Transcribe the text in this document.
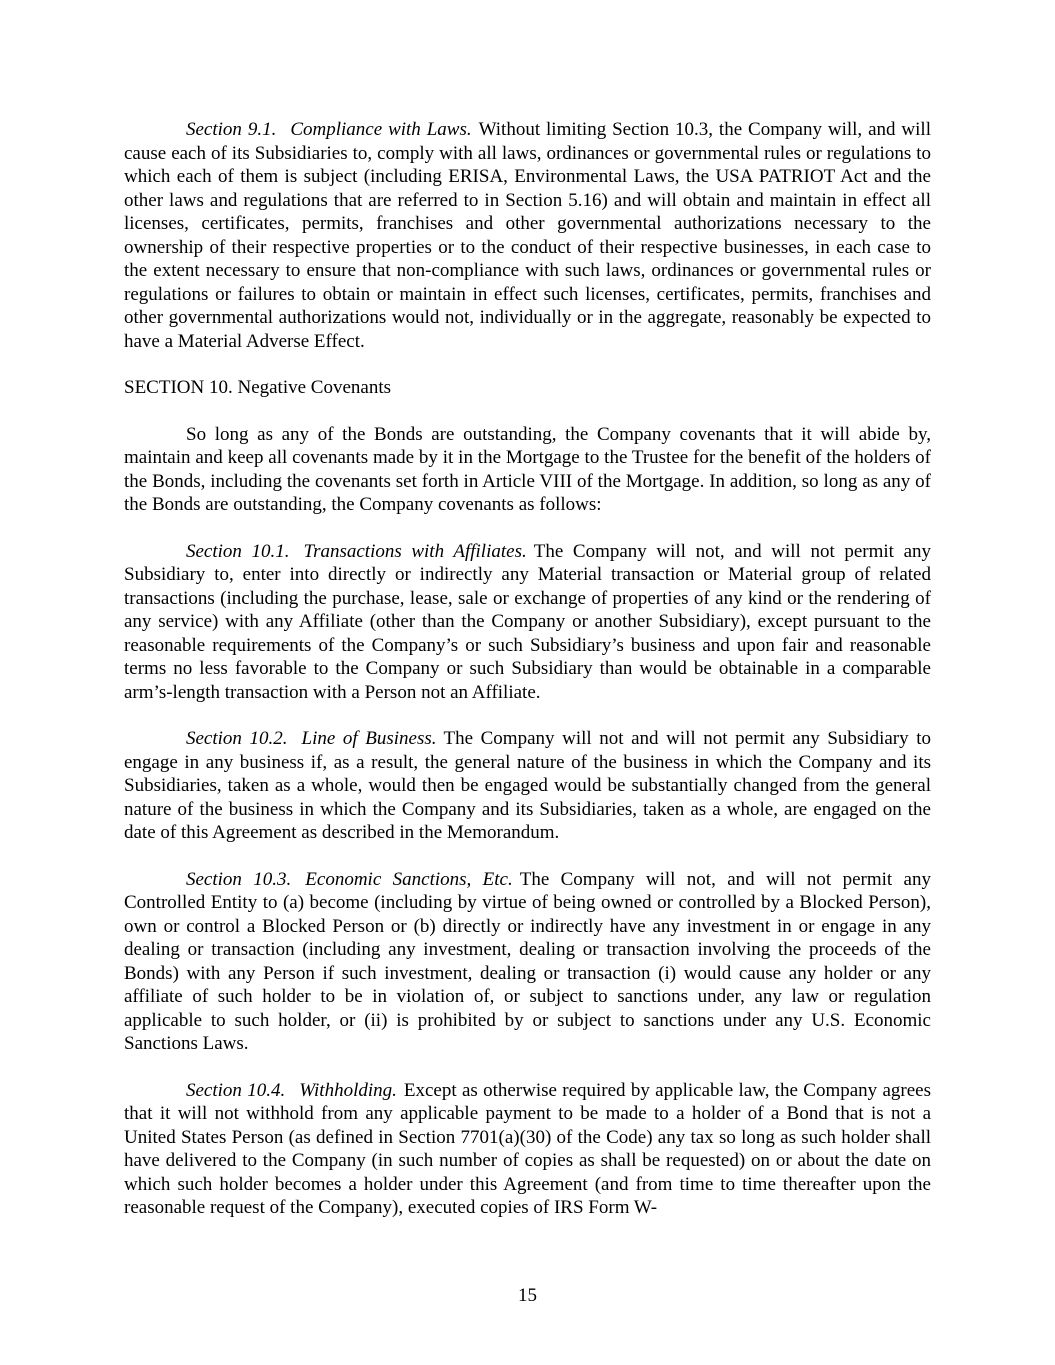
Section 9.1. Compliance with Laws. Without limiting Section 10.3, the Company will, and will cause each of its Subsidiaries to, comply with all laws, ordinances or governmental rules or regulations to which each of them is subject (including ERISA, Environmental Laws, the USA PATRIOT Act and the other laws and regulations that are referred to in Section 5.16) and will obtain and maintain in effect all licenses, certificates, permits, franchises and other governmental authorizations necessary to the ownership of their respective properties or to the conduct of their respective businesses, in each case to the extent necessary to ensure that non-compliance with such laws, ordinances or governmental rules or regulations or failures to obtain or maintain in effect such licenses, certificates, permits, franchises and other governmental authorizations would not, individually or in the aggregate, reasonably be expected to have a Material Adverse Effect.

SECTION 10. Negative Covenants

So long as any of the Bonds are outstanding, the Company covenants that it will abide by, maintain and keep all covenants made by it in the Mortgage to the Trustee for the benefit of the holders of the Bonds, including the covenants set forth in Article VIII of the Mortgage. In addition, so long as any of the Bonds are outstanding, the Company covenants as follows:

Section 10.1. Transactions with Affiliates. The Company will not, and will not permit any Subsidiary to, enter into directly or indirectly any Material transaction or Material group of related transactions (including the purchase, lease, sale or exchange of properties of any kind or the rendering of any service) with any Affiliate (other than the Company or another Subsidiary), except pursuant to the reasonable requirements of the Company’s or such Subsidiary’s business and upon fair and reasonable terms no less favorable to the Company or such Subsidiary than would be obtainable in a comparable arm’s-length transaction with a Person not an Affiliate.

Section 10.2. Line of Business. The Company will not and will not permit any Subsidiary to engage in any business if, as a result, the general nature of the business in which the Company and its Subsidiaries, taken as a whole, would then be engaged would be substantially changed from the general nature of the business in which the Company and its Subsidiaries, taken as a whole, are engaged on the date of this Agreement as described in the Memorandum.

Section 10.3. Economic Sanctions, Etc. The Company will not, and will not permit any Controlled Entity to (a) become (including by virtue of being owned or controlled by a Blocked Person), own or control a Blocked Person or (b) directly or indirectly have any investment in or engage in any dealing or transaction (including any investment, dealing or transaction involving the proceeds of the Bonds) with any Person if such investment, dealing or transaction (i) would cause any holder or any affiliate of such holder to be in violation of, or subject to sanctions under, any law or regulation applicable to such holder, or (ii) is prohibited by or subject to sanctions under any U.S. Economic Sanctions Laws.

Section 10.4. Withholding. Except as otherwise required by applicable law, the Company agrees that it will not withhold from any applicable payment to be made to a holder of a Bond that is not a United States Person (as defined in Section 7701(a)(30) of the Code) any tax so long as such holder shall have delivered to the Company (in such number of copies as shall be requested) on or about the date on which such holder becomes a holder under this Agreement (and from time to time thereafter upon the reasonable request of the Company), executed copies of IRS Form W-

15
